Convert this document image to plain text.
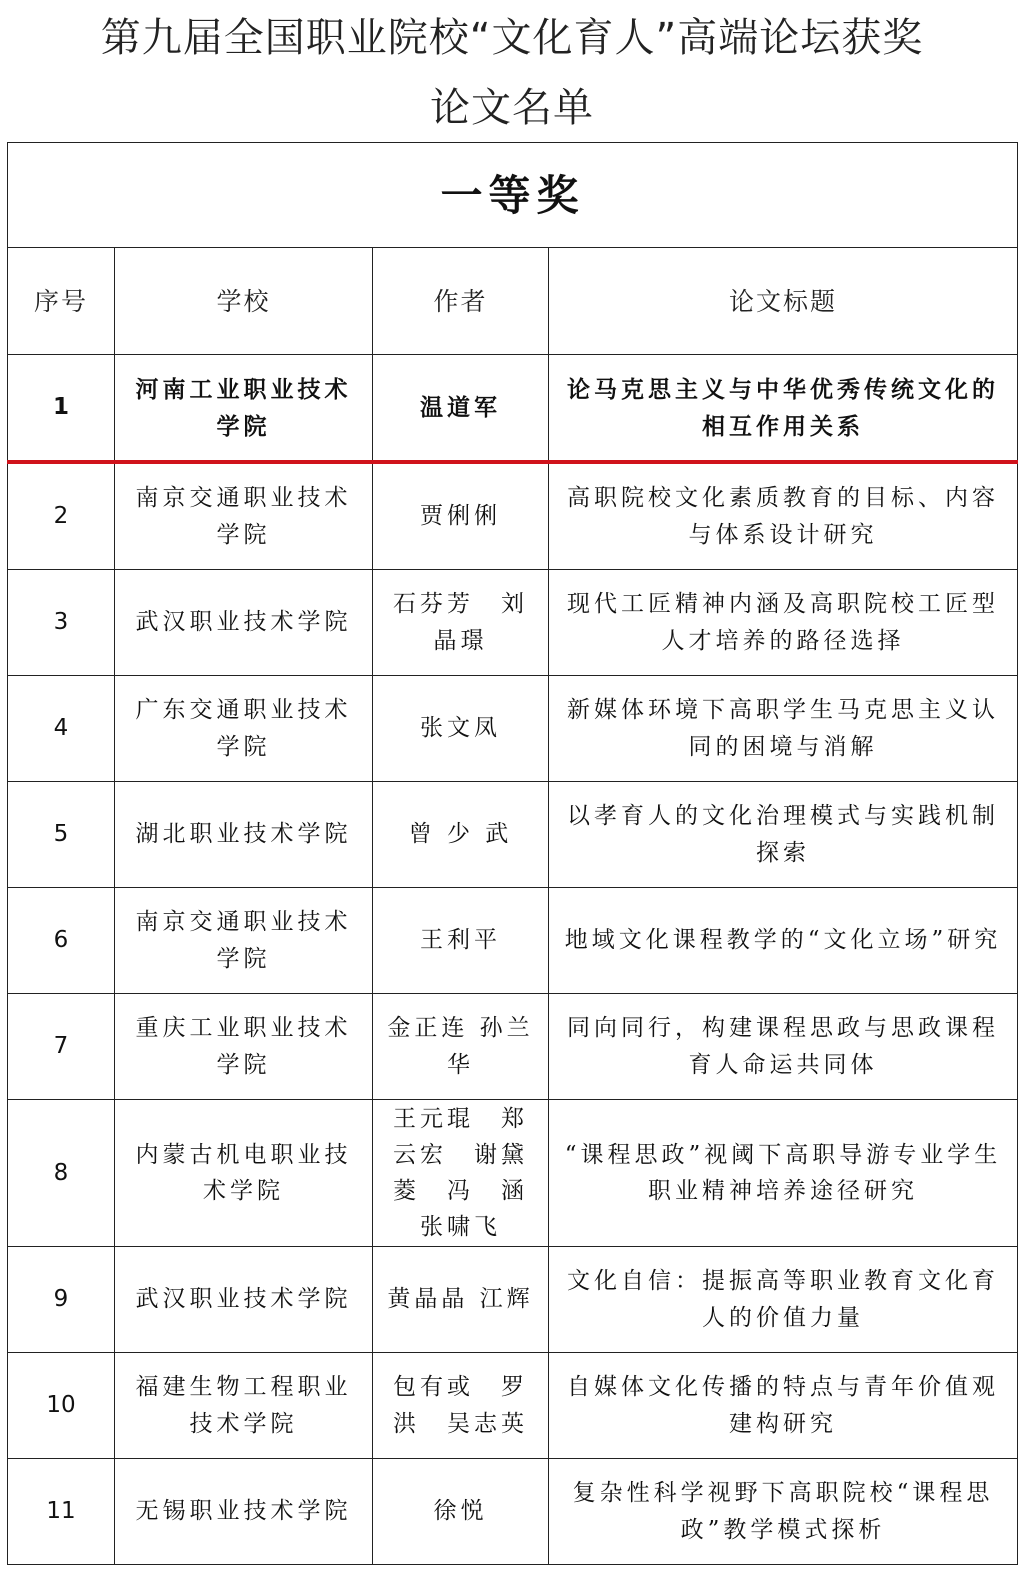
第九届全国职业院校“文化育人”高端论坛获奖
论文名单
一等奖			
序号	学校	作者	论文标题
1	河南工业职业技术学院	温道军	论马克思主义与中华优秀传统文化的相互作用关系
2	南京交通职业技术学院	贾俐俐	高职院校文化素质教育的目标、内容与体系设计研究
3	武汉职业技术学院	石芬芳　刘晶璟	现代工匠精神内涵及高职院校工匠型人才培养的路径选择
4	广东交通职业技术学院	张文凤	新媒体环境下高职学生马克思主义认同的困境与消解
5	湖北职业技术学院	曾 少 武	以孝育人的文化治理模式与实践机制探索
6	南京交通职业技术学院	王利平	地域文化课程教学的“文化立场”研究
7	重庆工业职业技术学院	金正连 孙兰华	同向同行，构建课程思政与思政课程育人命运共同体
8	内蒙古机电职业技术学院	王元琨　郑云宏　谢黛菱　冯　涵张啸飞	“课程思政”视阈下高职导游专业学生职业精神培养途径研究
9	武汉职业技术学院	黄晶晶 江辉	文化自信：提振高等职业教育文化育人的价值力量
10	福建生物工程职业技术学院	包有或　罗洪　吴志英	自媒体文化传播的特点与青年价值观建构研究
11	无锡职业技术学院	徐悦	复杂性科学视野下高职院校“课程思政”教学模式探析
